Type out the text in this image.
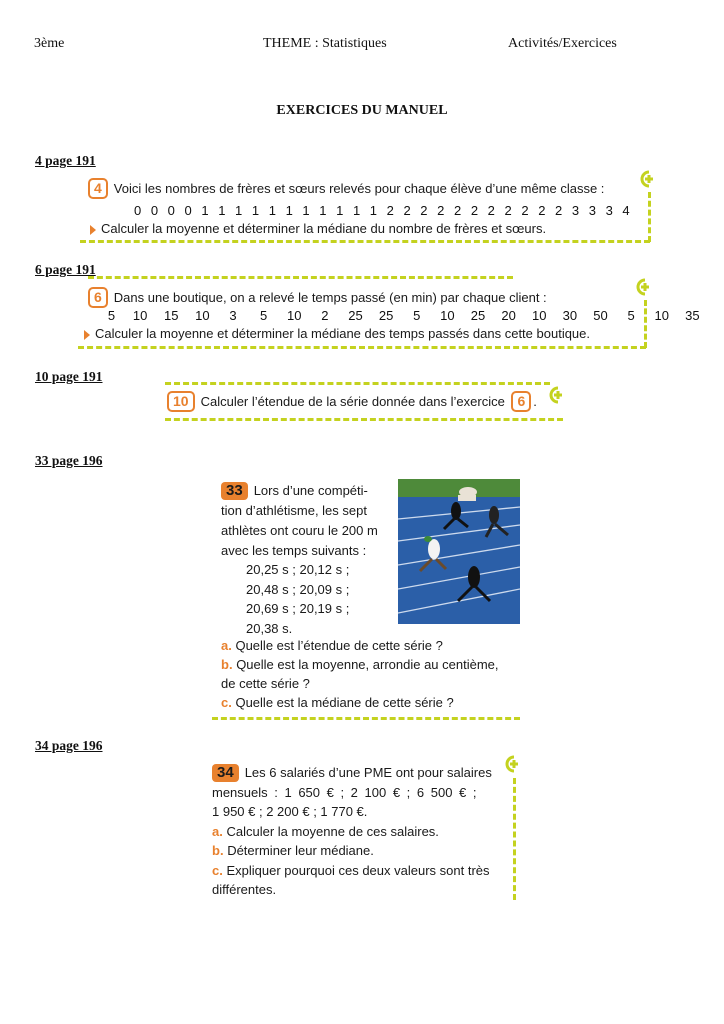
3ème	THEME : Statistiques	Activités/Exercices
EXERCICES DU MANUEL
4 page 191
4 Voici les nombres de frères et sœurs relevés pour chaque élève d’une même classe :
0 0 0 0 1 1 1 1 1 1 1 1 1 1 1 2 2 2 2 2 2 2 2 2 2 2 3 3 3 4
Calculer la moyenne et déterminer la médiane du nombre de frères et sœurs.
6 page 191
6 Dans une boutique, on a relevé le temps passé (en min) par chaque client :
5 10 15 10 3 5 10 2 25 25 5 10 25 20 10 30 50 5 10 35
Calculer la moyenne et déterminer la médiane des temps passés dans cette boutique.
10 page 191
10 Calculer l’étendue de la série donnée dans l’exercice 6 .
33 page 196
33 Lors d’une compéti-
tion d’athlétisme, les sept
athlètes ont couru le 200 m
avec les temps suivants :
20,25 s ; 20,12 s ;
20,48 s ; 20,09 s ;
20,69 s ; 20,19 s ;
20,38 s.
a. Quelle est l’étendue de cette série ?
b. Quelle est la moyenne, arrondie au centième,
de cette série ?
c. Quelle est la médiane de cette série ?
34 page 196
34 Les 6 salariés d’une PME ont pour salaires
mensuels : 1 650 € ; 2 100 € ; 6 500 € ;
1 950 € ; 2 200 € ; 1 770 €.
a. Calculer la moyenne de ces salaires.
b. Déterminer leur médiane.
c. Expliquer pourquoi ces deux valeurs sont très
différentes.
